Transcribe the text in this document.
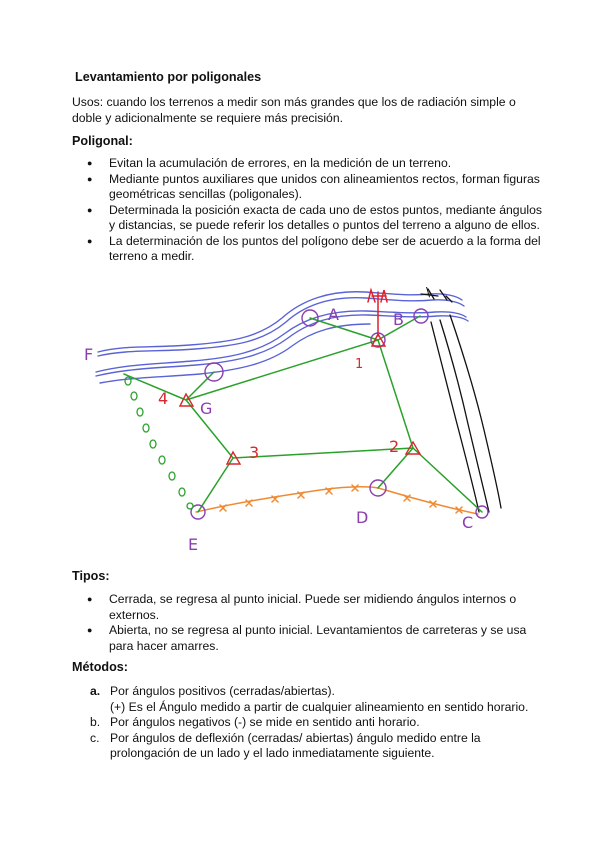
Levantamiento por poligonales
Usos: cuando los terrenos a medir son más grandes que los de radiación simple o doble y adicionalmente se requiere más precisión.
Poligonal:
● Evitan la acumulación de errores, en la medición de un terreno.
● Mediante puntos auxiliares que unidos con alineamientos rectos, forman figuras geométricas sencillas (poligonales).
● Determinada la posición exacta de cada uno de estos puntos, mediante ángulos y distancias, se puede referir los detalles o puntos del terreno a alguno de ellos.
● La determinación de los puntos del polígono debe ser de acuerdo a la forma del terreno a medir.
F
A	B
C
D
E
G
1
2
3
4
\
Tipos:
● Cerrada, se regresa al punto inicial. Puede ser midiendo ángulos internos o externos.
● Abierta, no se regresa al punto inicial. Levantamientos de carreteras y se usa para hacer amarres.
Métodos:
a. Por ángulos positivos (cerradas/abiertas).
(+) Es el Ángulo medido a partir de cualquier alineamiento en sentido horario.
b. Por ángulos negativos (-) se mide en sentido anti horario.
c. Por ángulos de deflexión (cerradas/ abiertas) ángulo medido entre la
prolongación de un lado y el lado inmediatamente siguiente.
